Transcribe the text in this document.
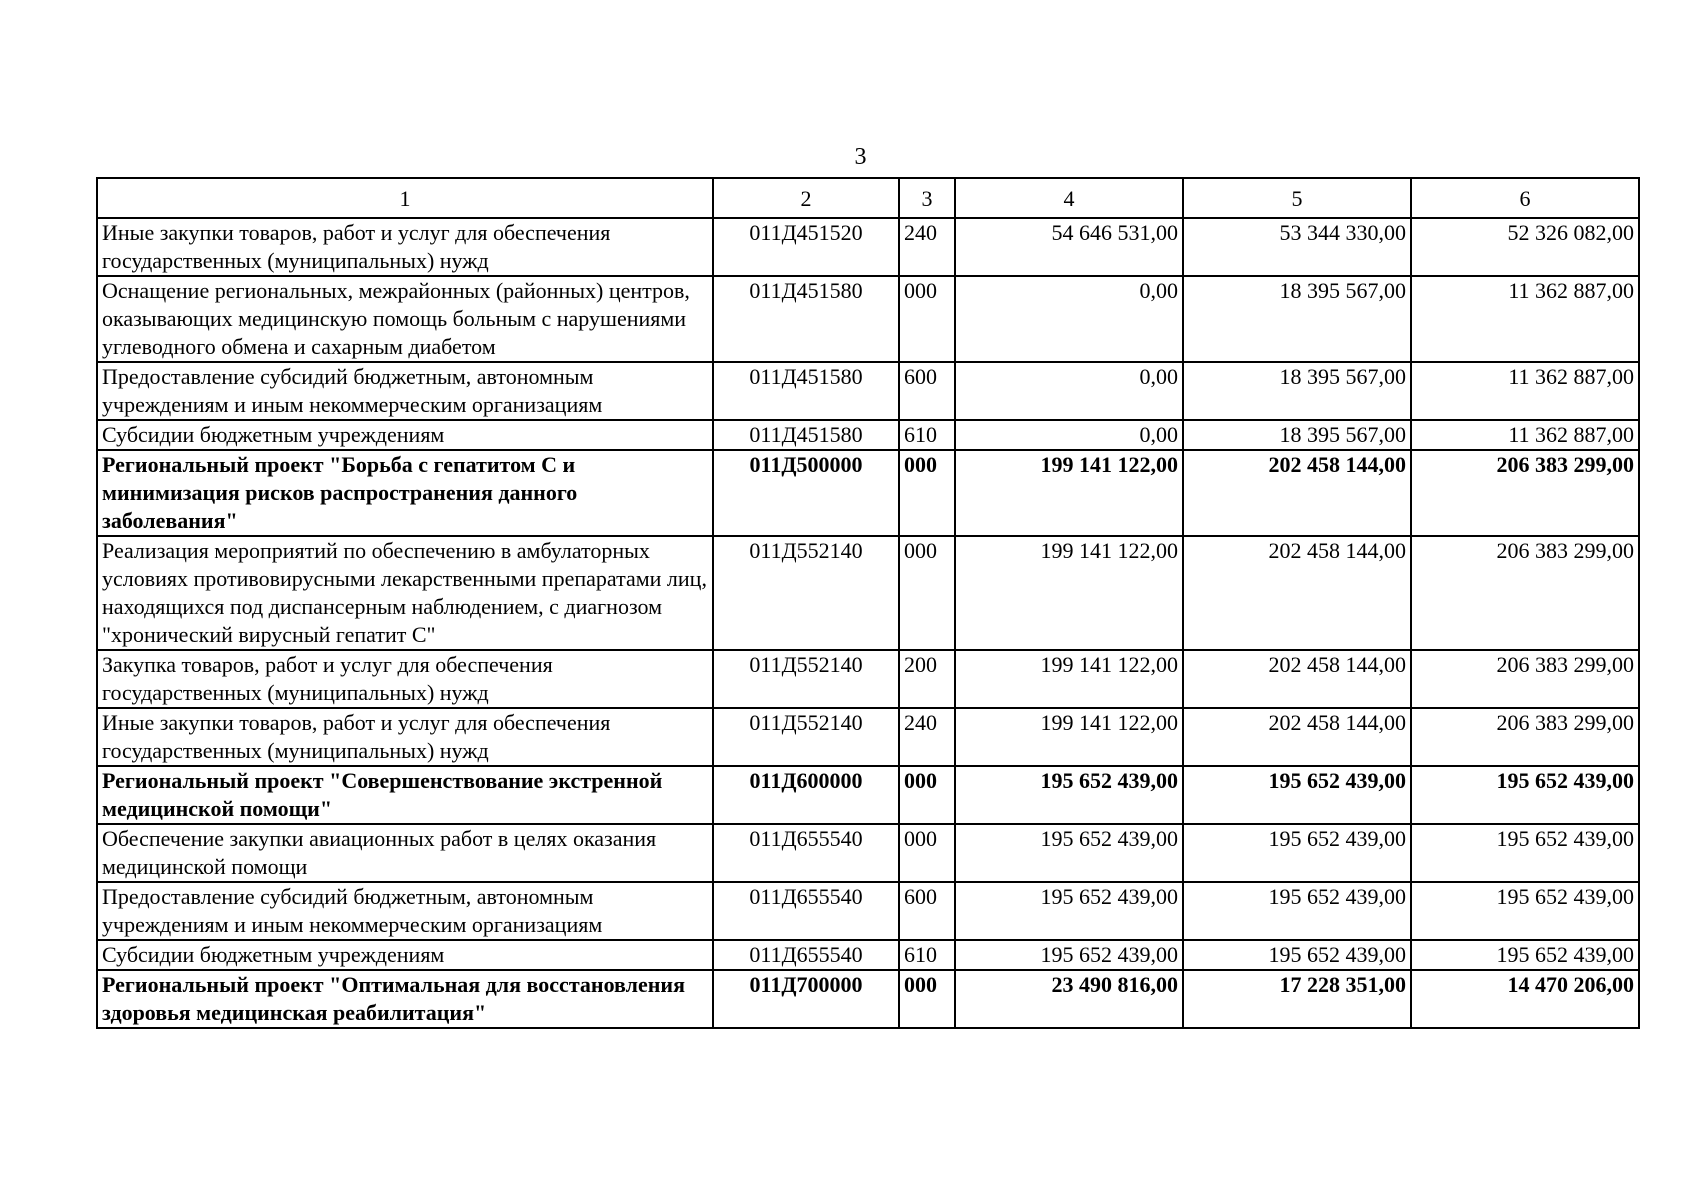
3
1	2	3	4	5	6
Иные закупки товаров, работ и услуг для обеспечения государственных (муниципальных) нужд	011Д451520	240	54 646 531,00	53 344 330,00	52 326 082,00
Оснащение региональных, межрайонных (районных) центров, оказывающих медицинскую помощь больным с нарушениями углеводного обмена и сахарным диабетом	011Д451580	000	0,00	18 395 567,00	11 362 887,00
Предоставление субсидий бюджетным, автономным учреждениям и иным некоммерческим организациям	011Д451580	600	0,00	18 395 567,00	11 362 887,00
Субсидии бюджетным учреждениям	011Д451580	610	0,00	18 395 567,00	11 362 887,00
Региональный проект "Борьба с гепатитом С и минимизация рисков распространения данного заболевания"	011Д500000	000	199 141 122,00	202 458 144,00	206 383 299,00
Реализация мероприятий по обеспечению в амбулаторных условиях противовирусными лекарственными препаратами лиц, находящихся под диспансерным наблюдением, с диагнозом "хронический вирусный гепатит С"	011Д552140	000	199 141 122,00	202 458 144,00	206 383 299,00
Закупка товаров, работ и услуг для обеспечения государственных (муниципальных) нужд	011Д552140	200	199 141 122,00	202 458 144,00	206 383 299,00
Иные закупки товаров, работ и услуг для обеспечения государственных (муниципальных) нужд	011Д552140	240	199 141 122,00	202 458 144,00	206 383 299,00
Региональный проект "Совершенствование экстренной медицинской помощи"	011Д600000	000	195 652 439,00	195 652 439,00	195 652 439,00
Обеспечение закупки авиационных работ в целях оказания медицинской помощи	011Д655540	000	195 652 439,00	195 652 439,00	195 652 439,00
Предоставление субсидий бюджетным, автономным учреждениям и иным некоммерческим организациям	011Д655540	600	195 652 439,00	195 652 439,00	195 652 439,00
Субсидии бюджетным учреждениям	011Д655540	610	195 652 439,00	195 652 439,00	195 652 439,00
Региональный проект "Оптимальная для восстановления здоровья медицинская реабилитация"	011Д700000	000	23 490 816,00	17 228 351,00	14 470 206,00
